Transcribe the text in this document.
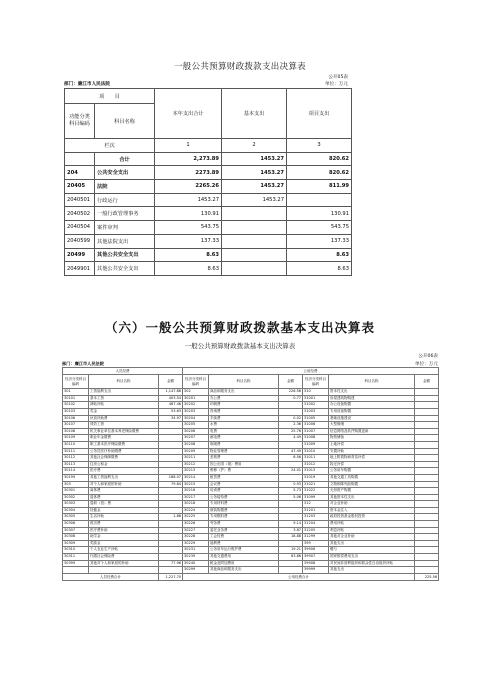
一般公共预算财政拨款支出决算表
公开05表
部门：廉江市人民法院	单位：万元
项　　目		本年支出合计	基本支出	项目支出
功能分类科目编码	科目名称			
栏次		1	2	3
	合计	2,273.89	1453.27	820.62
204	公共安全支出	2273.89	1453.27	820.62
20405	法院	2265.26	1453.27	811.99
2040501	行政运行	1453.27	1453.27	
2040502	一般行政管理事务	130.91		130.91
2040504	案件审判	543.75		543.75
2040599	其他法院支出	137.33		137.33
20499	其他公共安全支出	8.63		8.63
2049901	其他公共安全支出	8.63		8.63
（六）一般公共预算财政拨款基本支出决算表
一般公共预算财政拨款基本支出决算表
公开06表
部门：廉江市人民法院	单位：万元
人员经费			公用经费					
经济分类科目编码	科目名称	金额	经济分类科目编码	科目名称	金额	经济分类科目编码	科目名称	金额
301	工资福利支出	1,147.86	302	商品和服务支出	226.56	310	资本性支出	
30101	基本工资	403.54	30201	办公费	0.77	31001	房屋建筑物购建	
30102	津贴补贴	467.46	30202	印刷费		31002	办公设备购置	
30103	奖金	53.63	30203	咨询费		31003	专用设备购置	
30106	伙食补助费	34.97	30204	手续费	0.02	31005	基础设施建设	
30107	绩效工资		30205	水费	2.36	31006	大型修缮	
30108	机关事业单位基本养老保险缴费		30206	电费	25.76	31007	信息网络及软件购置更新	
30109	职业年金缴费		30207	邮电费	4.49	31008	物资储备	
30110	职工基本医疗保险缴费		30208	取暖费		31009	土地补偿	
30111	公务员医疗补助缴费		30209	物业管理费	47.49	31010	安置补助	
30112	其他社会保障缴费		30211	差旅费	6.56	31011	地上附着物和青苗补偿	
30113	住房公积金		30212	因公出国（境）费用		31012	拆迁补偿	
30114	医疗费		30213	维修（护）费	24.01	31013	公务用车购置	
30199	其他工资福利支出	188.07	30214	租赁费		31019	其他交通工具购置	
303	对个人和家庭的补助	79.84	30215	会议费	0.93	31021	文物和陈列品购置	
30301	离休费		30216	培训费	5.73	31022	无形资产购置	
30302	退休费		30217	公务接待费	5.06	31099	其他资本性支出	
30303	退职（役）费		30218	专用材料费		312	对企业补助	
30304	抚恤金		30224	被装购置费		31201	资本金注入	
30305	生活补助	1.88	30225	专用燃料费		31203	政府投资基金股权投资	
30306	救济费		30226	劳务费	9.14	31204	费用补贴	
30307	医疗费补助		30227	委托业务费	3.87	31205	利息补贴	
30308	助学金		30228	工会经费	18.88	31299	其他对企业补助	
30309	奖励金		30229	福利费		399	其他支出	
30310	个人农业生产补贴		30231	公务用车运行维护费	19.21	39906	赠与	
30311	代缴社会保险费		30239	其他交通费用	63.86	39907	国家赔偿费用支出	
30399	其他对个人和家庭的补助	77.96	30240	税金及附加费用		39908	对民间非营利组织和群众性自治组织补贴	
			30299	其他商品和服务支出		39999	其他支出	
人员经费合计		1,227.70	公用经费合计					225.56
